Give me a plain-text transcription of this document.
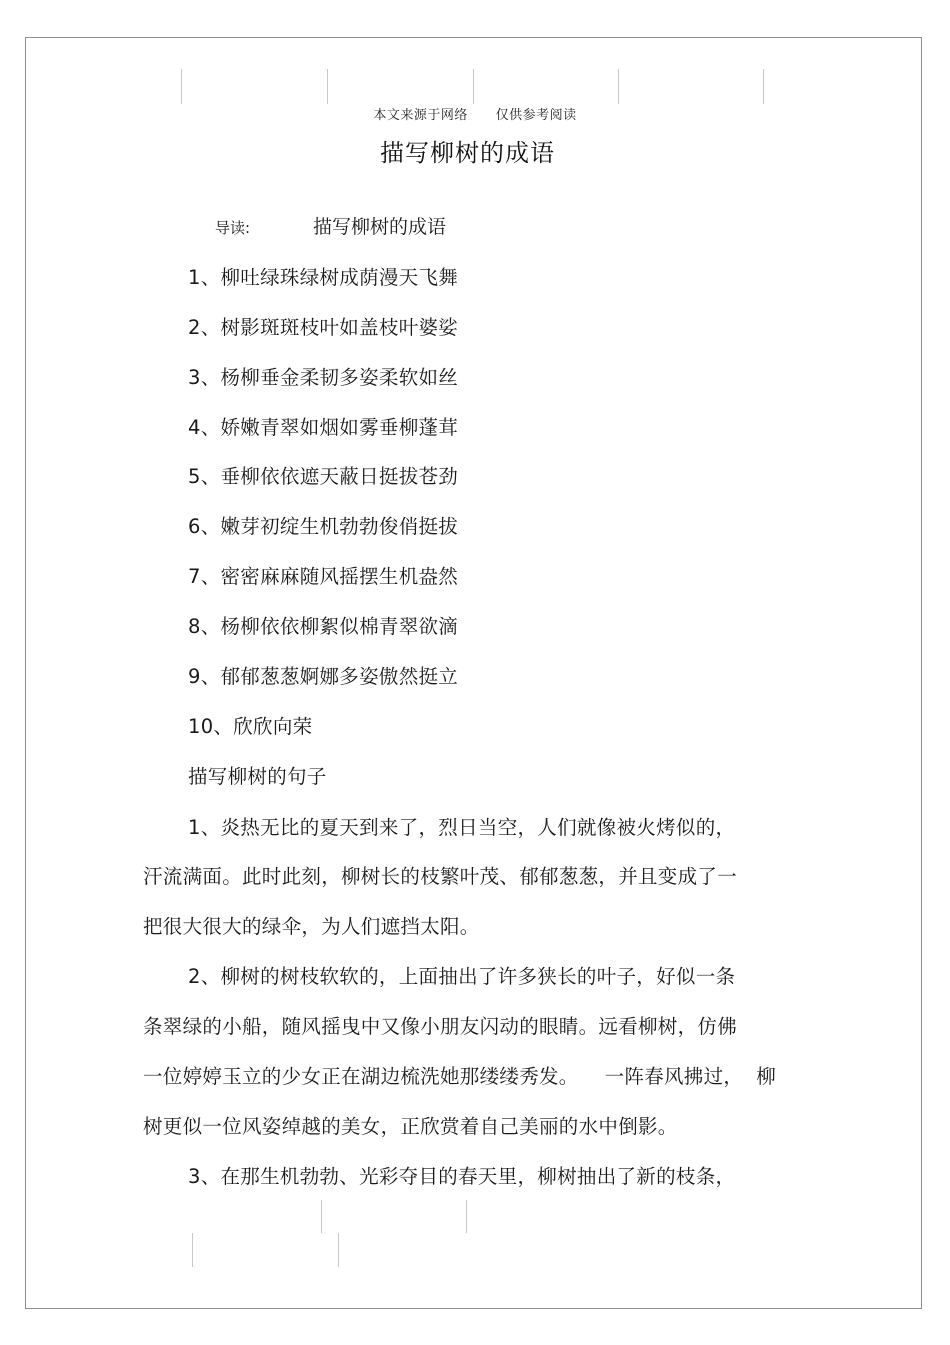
本文来源于网络      仅供参考阅读
描写柳树的成语
导读:	描写柳树的成语
1、柳吐绿珠绿树成荫漫天飞舞
2、树影斑斑枝叶如盖枝叶婆娑
3、杨柳垂金柔韧多姿柔软如丝
4、娇嫩青翠如烟如雾垂柳蓬茸
5、垂柳依依遮天蔽日挺拔苍劲
6、嫩芽初绽生机勃勃俊俏挺拔
7、密密麻麻随风摇摆生机盎然
8、杨柳依依柳絮似棉青翠欲滴
9、郁郁葱葱婀娜多姿傲然挺立
10、欣欣向荣
描写柳树的句子
1、炎热无比的夏天到来了，烈日当空，人们就像被火烤似的，
汗流满面。此时此刻，柳树长的枝繁叶茂、郁郁葱葱，并且变成了一
把很大很大的绿伞，为人们遮挡太阳。
2、柳树的树枝软软的，上面抽出了许多狭长的叶子，好似一条
条翠绿的小船，随风摇曳中又像小朋友闪动的眼睛。远看柳树，仿佛
一位婷婷玉立的少女正在湖边梳洗她那缕缕秀发。    一阵春风拂过，  柳
树更似一位风姿绰越的美女，正欣赏着自己美丽的水中倒影。
3、在那生机勃勃、光彩夺目的春天里，柳树抽出了新的枝条，
